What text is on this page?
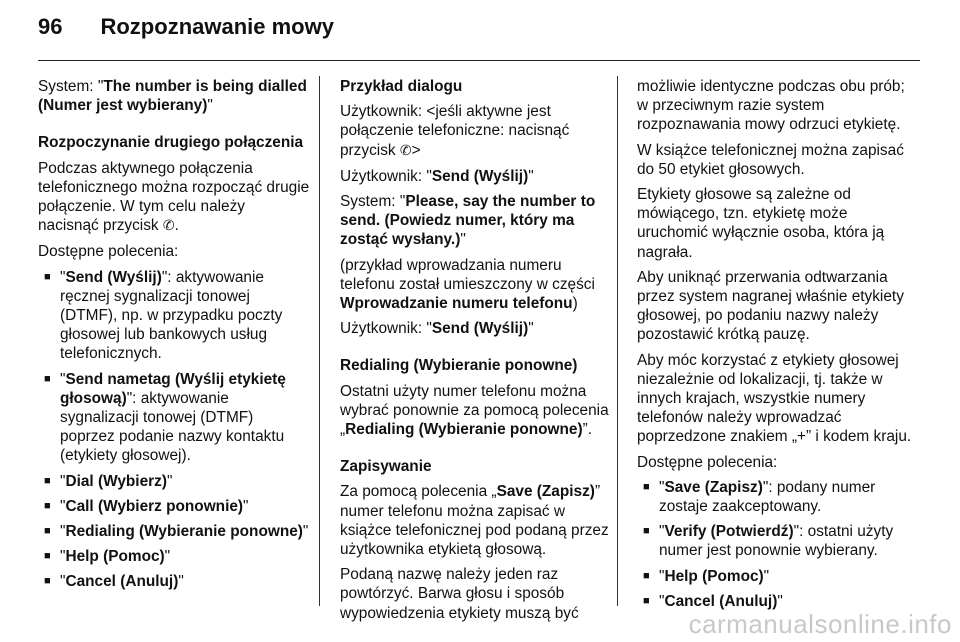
96 Rozpoznawanie mowy

System: "The number is being dialled (Numer jest wybierany)"

Rozpoczynanie drugiego połączenia

Podczas aktywnego połączenia telefonicznego można rozpocząć drugie połączenie. W tym celu należy nacisnąć przycisk ✆.

Dostępne polecenia:

■ "Send (Wyślij)": aktywowanie ręcznej sygnalizacji tonowej (DTMF), np. w przypadku poczty głosowej lub bankowych usług telefonicznych.
■ "Send nametag (Wyślij etykietę głosową)": aktywowanie sygnalizacji tonowej (DTMF) poprzez podanie nazwy kontaktu (etykiety głosowej).
■ "Dial (Wybierz)"
■ "Call (Wybierz ponownie)"
■ "Redialing (Wybieranie ponowne)"
■ "Help (Pomoc)"
■ "Cancel (Anuluj)"

Przykład dialogu

Użytkownik: <jeśli aktywne jest połączenie telefoniczne: nacisnąć przycisk ✆>

Użytkownik: "Send (Wyślij)"

System: "Please, say the number to send. (Powiedz numer, który ma zostąć wysłany.)"

(przykład wprowadzania numeru telefonu został umieszczony w części Wprowadzanie numeru telefonu)

Użytkownik: "Send (Wyślij)"

Redialing (Wybieranie ponowne)

Ostatni użyty numer telefonu można wybrać ponownie za pomocą polecenia „Redialing (Wybieranie ponowne)”.

Zapisywanie

Za pomocą polecenia „Save (Zapisz)” numer telefonu można zapisać w książce telefonicznej pod podaną przez użytkownika etykietą głosową.

Podaną nazwę należy jeden raz powtórzyć. Barwa głosu i sposób wypowiedzenia etykiety muszą być

możliwie identyczne podczas obu prób; w przeciwnym razie system rozpoznawania mowy odrzuci etykietę.

W książce telefonicznej można zapisać do 50 etykiet głosowych.

Etykiety głosowe są zależne od mówiącego, tzn. etykietę może uruchomić wyłącznie osoba, która ją nagrała.

Aby uniknąć przerwania odtwarzania przez system nagranej właśnie etykiety głosowej, po podaniu nazwy należy pozostawić krótką pauzę.

Aby móc korzystać z etykiety głosowej niezależnie od lokalizacji, tj. także w innych krajach, wszystkie numery telefonów należy wprowadzać poprzedzone znakiem „+” i kodem kraju.

Dostępne polecenia:

■ "Save (Zapisz)": podany numer zostaje zaakceptowany.
■ "Verify (Potwierdź)": ostatni użyty numer jest ponownie wybierany.
■ "Help (Pomoc)"
■ "Cancel (Anuluj)"
carmanualsonline.info
